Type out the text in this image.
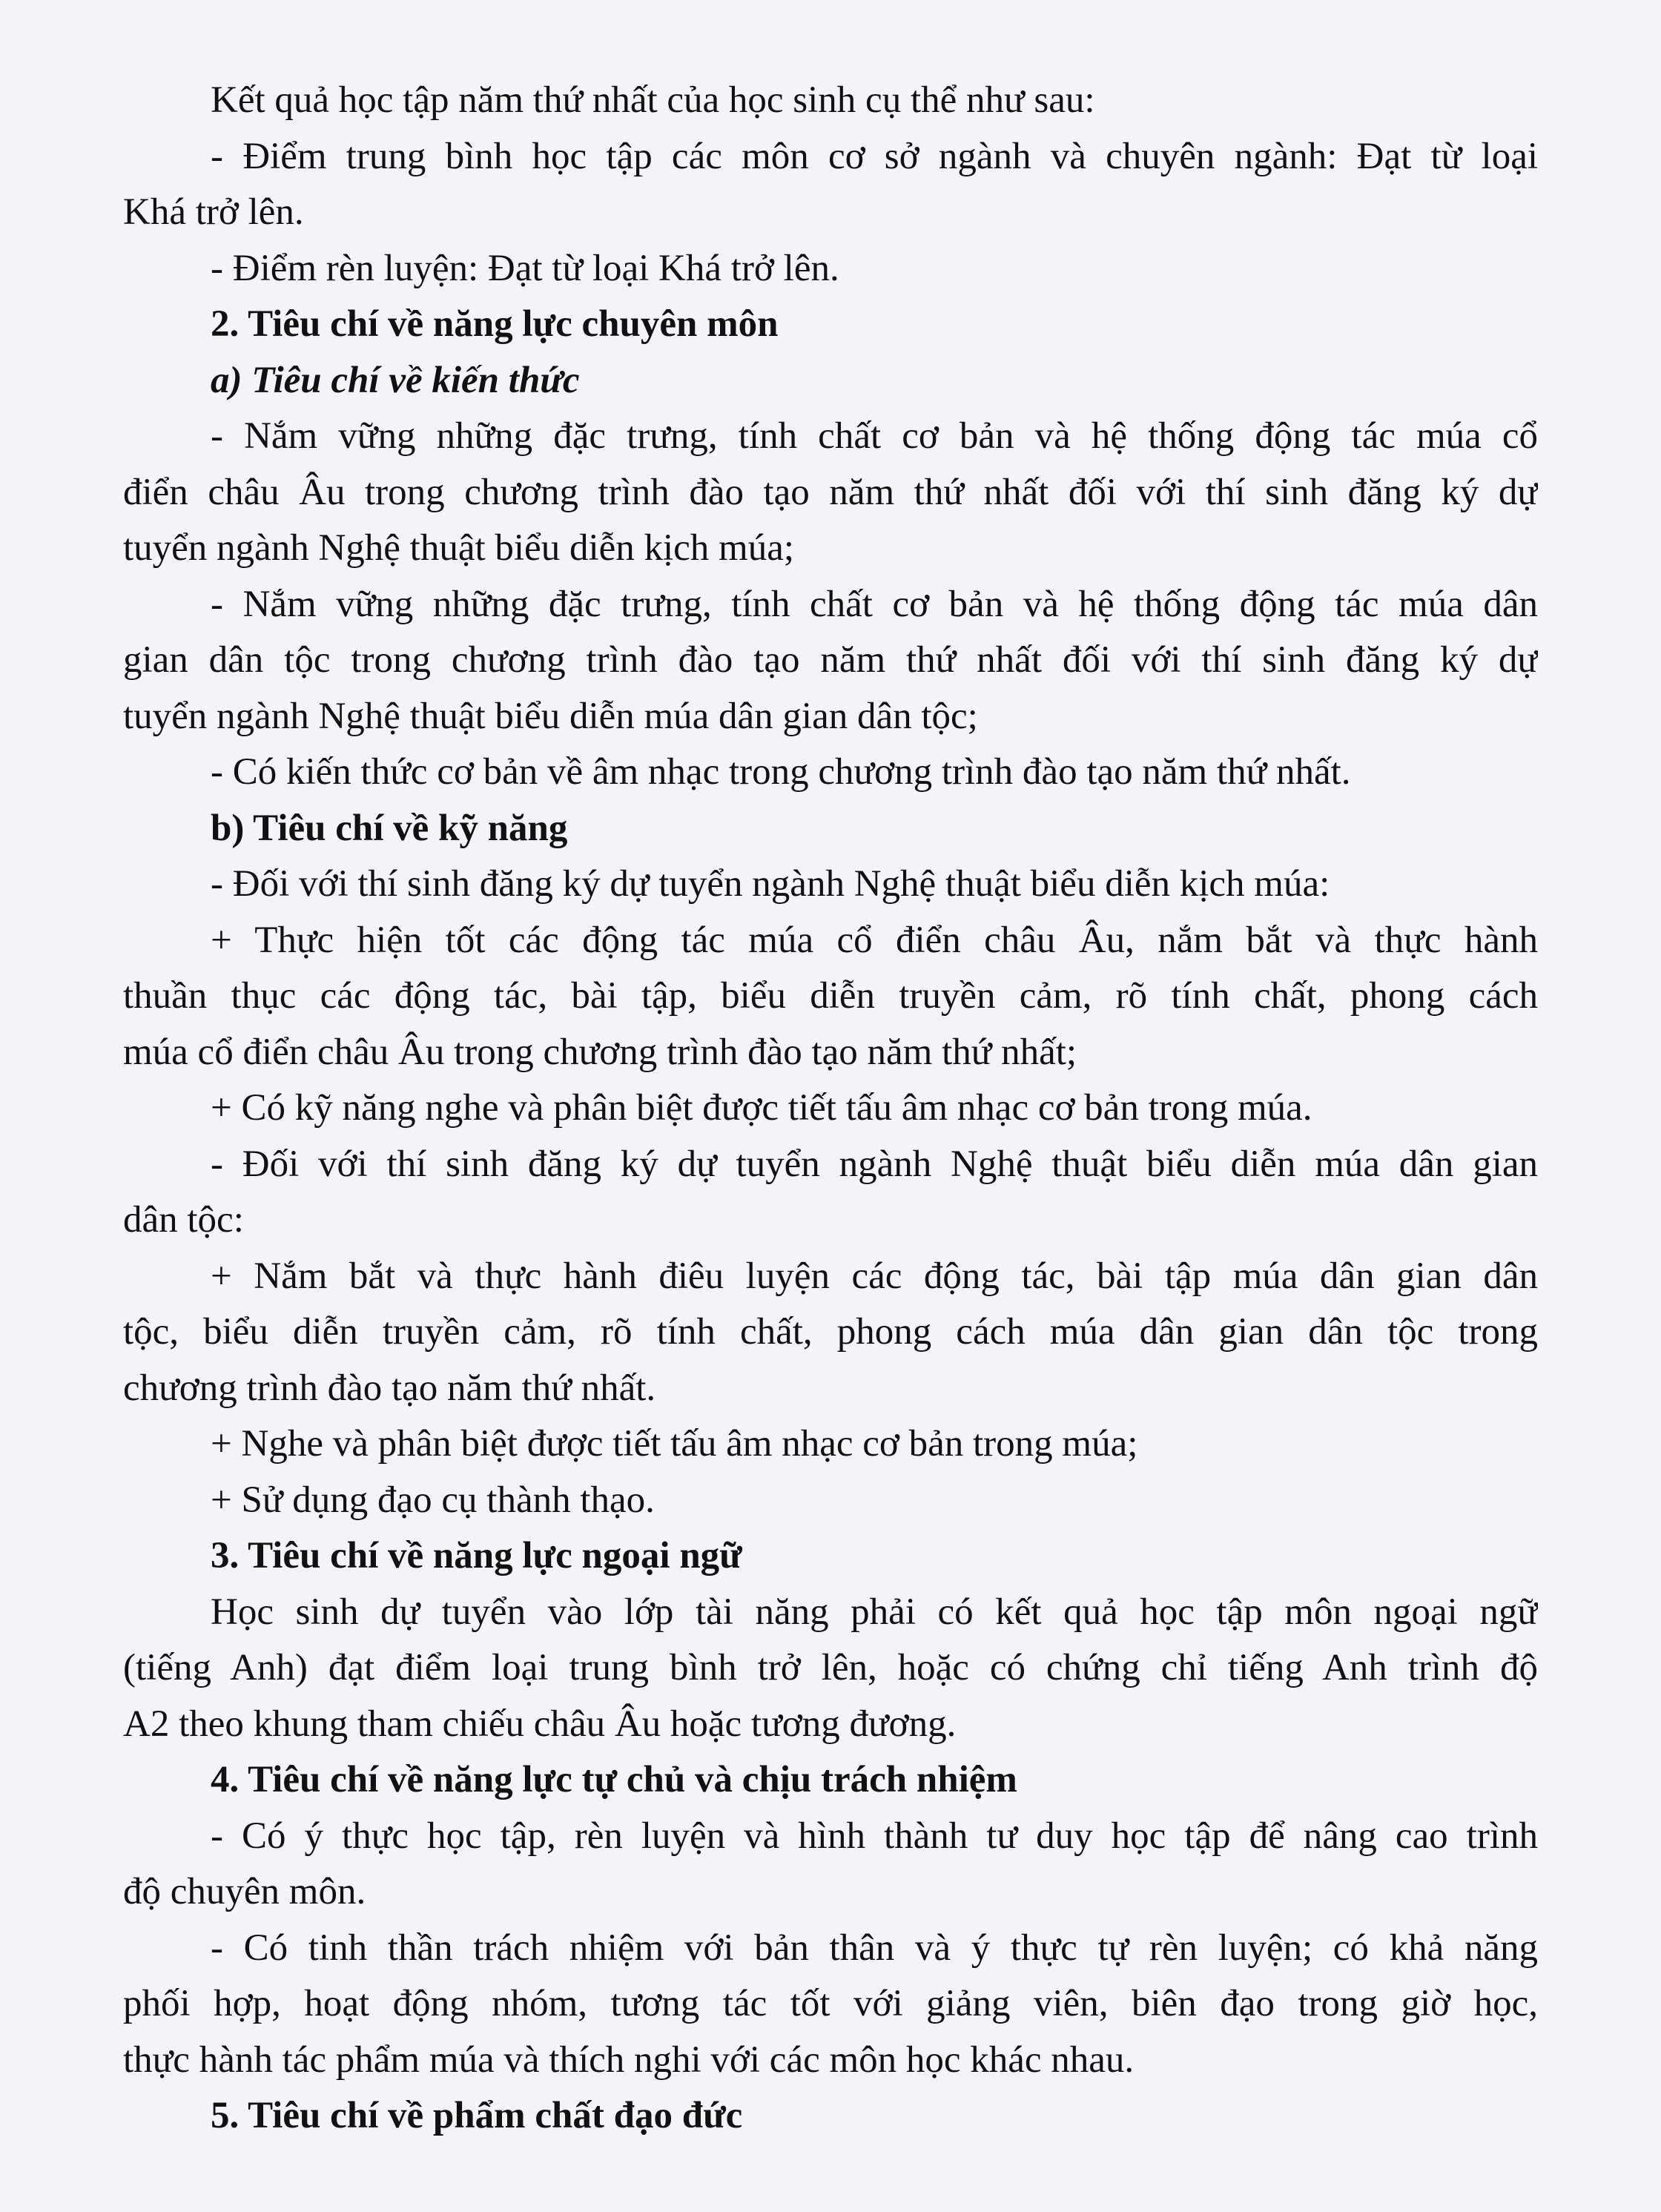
Kết quả học tập năm thứ nhất của học sinh cụ thể như sau:
- Điểm trung bình học tập các môn cơ sở ngành và chuyên ngành: Đạt từ loại
Khá trở lên.
- Điểm rèn luyện: Đạt từ loại Khá trở lên.
2. Tiêu chí về năng lực chuyên môn
a) Tiêu chí về kiến thức
- Nắm vững những đặc trưng, tính chất cơ bản và hệ thống động tác múa cổ
điển châu Âu trong chương trình đào tạo năm thứ nhất đối với thí sinh đăng ký dự
tuyển ngành Nghệ thuật biểu diễn kịch múa;
- Nắm vững những đặc trưng, tính chất cơ bản và hệ thống động tác múa dân
gian dân tộc trong chương trình đào tạo năm thứ nhất đối với thí sinh đăng ký dự
tuyển ngành Nghệ thuật biểu diễn múa dân gian dân tộc;
- Có kiến thức cơ bản về âm nhạc trong chương trình đào tạo năm thứ nhất.
b) Tiêu chí về kỹ năng
- Đối với thí sinh đăng ký dự tuyển ngành Nghệ thuật biểu diễn kịch múa:
+ Thực hiện tốt các động tác múa cổ điển châu Âu, nắm bắt và thực hành
thuần thục các động tác, bài tập, biểu diễn truyền cảm, rõ tính chất, phong cách
múa cổ điển châu Âu trong chương trình đào tạo năm thứ nhất;
+ Có kỹ năng nghe và phân biệt được tiết tấu âm nhạc cơ bản trong múa.
- Đối với thí sinh đăng ký dự tuyển ngành Nghệ thuật biểu diễn múa dân gian
dân tộc:
+ Nắm bắt và thực hành điêu luyện các động tác, bài tập múa dân gian dân
tộc, biểu diễn truyền cảm, rõ tính chất, phong cách múa dân gian dân tộc trong
chương trình đào tạo năm thứ nhất.
+ Nghe và phân biệt được tiết tấu âm nhạc cơ bản trong múa;
+ Sử dụng đạo cụ thành thạo.
3. Tiêu chí về năng lực ngoại ngữ
Học sinh dự tuyển vào lớp tài năng phải có kết quả học tập môn ngoại ngữ
(tiếng Anh) đạt điểm loại trung bình trở lên, hoặc có chứng chỉ tiếng Anh trình độ
A2 theo khung tham chiếu châu Âu hoặc tương đương.
4. Tiêu chí về năng lực tự chủ và chịu trách nhiệm
- Có ý thực học tập, rèn luyện và hình thành tư duy học tập để nâng cao trình
độ chuyên môn.
- Có tinh thần trách nhiệm với bản thân và ý thực tự rèn luyện; có khả năng
phối hợp, hoạt động nhóm, tương tác tốt với giảng viên, biên đạo trong giờ học,
thực hành tác phẩm múa và thích nghi với các môn học khác nhau.
5. Tiêu chí về phẩm chất đạo đức
